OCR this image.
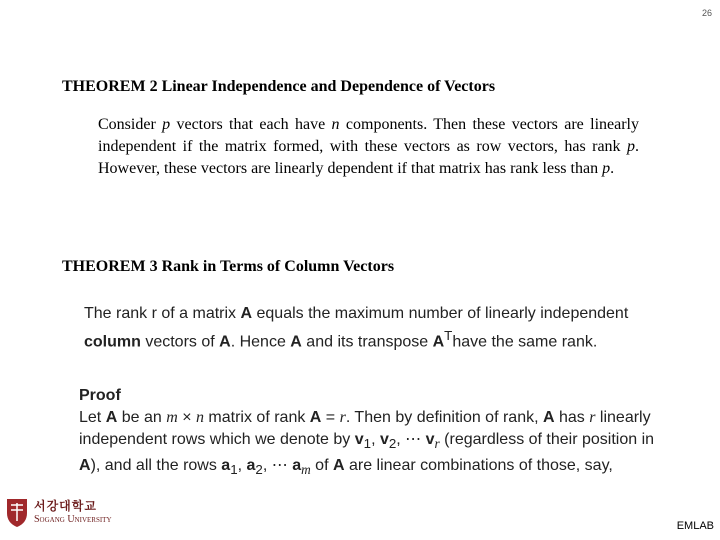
26
THEOREM 2 Linear Independence and Dependence of Vectors
Consider p vectors that each have n components. Then these vectors are linearly independent if the matrix formed, with these vectors as row vectors, has rank p. However, these vectors are linearly dependent if that matrix has rank less than p.
THEOREM 3 Rank in Terms of Column Vectors
The rank r of a matrix A equals the maximum number of linearly independent column vectors of A. Hence A and its transpose $A^Thave$ the same rank.
Proof
Let A be an m × n matrix of rank A = r. Then by definition of rank, A has r linearly independent rows which we denote by $v_1$, $v_2$, ⋯ $v_r$ (regardless of their position in A), and all the rows $a_1$, $a_2$, ⋯ $a_m$ of A are linear combinations of those, say,
서강대학교
Sogang University
EMLAB
